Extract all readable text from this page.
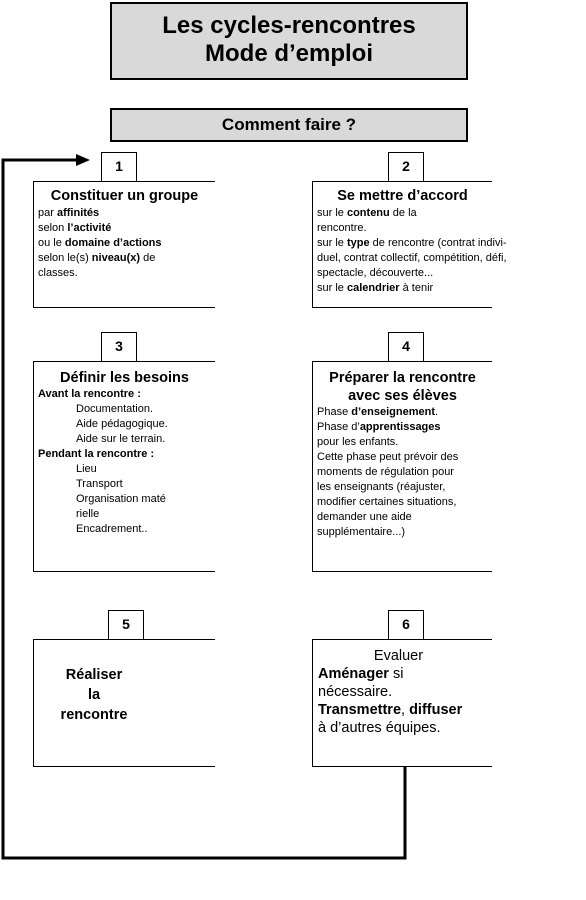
Les cycles-rencontres
Mode d’emploi
Comment faire ?
1
Constituer un groupe
par affinités
selon l’activité
ou le domaine d’actions
selon le(s) niveau(x) de
classes.
2
Se mettre d’accord
sur le contenu de la
rencontre.
sur le type de rencontre (contrat indivi-
duel, contrat collectif, compétition, défi,
spectacle, découverte...
sur le calendrier à tenir
3
Définir les besoins
Avant la rencontre :
Documentation.
Aide pédagogique.
Aide sur le terrain.
Pendant la rencontre :
Lieu
Transport
Organisation maté
rielle
Encadrement..
4
Préparer la rencontre
avec ses élèves
Phase d’enseignement.
Phase d’apprentissages
pour les enfants.
Cette phase peut prévoir des
moments de régulation pour
les enseignants (réajuster,
modifier certaines situations,
demander une aide
supplémentaire...)
5
Réaliser
la
rencontre
6
Evaluer
Aménager si
nécessaire.
Transmettre, diffuser
à d’autres équipes.
